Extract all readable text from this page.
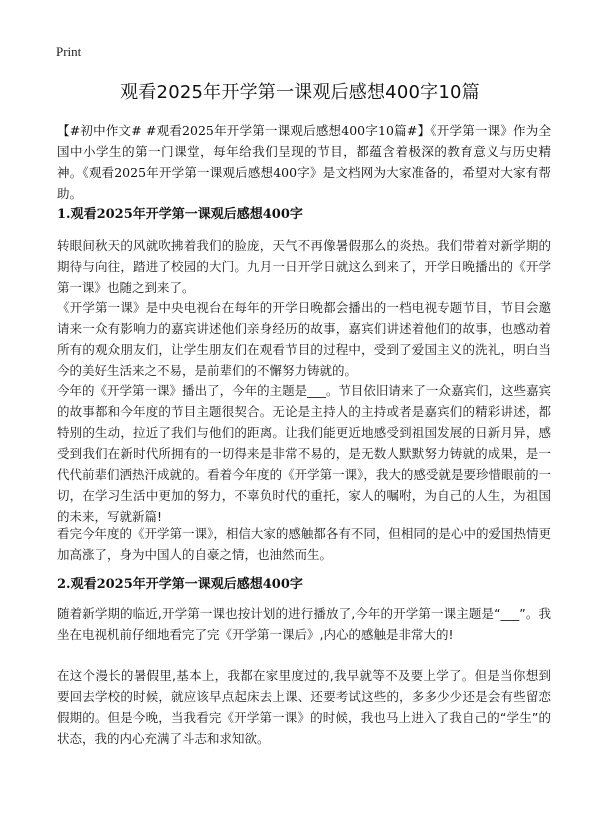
Print
观看2025年开学第一课观后感想400字10篇
【#初中作文# #观看2025年开学第一课观后感想400字10篇#】《开学第一课》作为全国中小学生的第一门课堂，每年给我们呈现的节目，都蕴含着极深的教育意义与历史精神。《观看2025年开学第一课观后感想400字》是文档网为大家准备的，希望对大家有帮助。
1.观看2025年开学第一课观后感想400字
转眼间秋天的风就吹拂着我们的脸庞，天气不再像暑假那么的炎热。我们带着对新学期的期待与向往，踏进了校园的大门。九月一日开学日就这么到来了，开学日晚播出的《开学第一课》也随之到来了。
《开学第一课》是中央电视台在每年的开学日晚都会播出的一档电视专题节目，节目会邀请来一众有影响力的嘉宾讲述他们亲身经历的故事，嘉宾们讲述着他们的故事，也感动着所有的观众朋友们，让学生朋友们在观看节目的过程中，受到了爱国主义的洗礼，明白当今的美好生活来之不易，是前辈们的不懈努力铸就的。
今年的《开学第一课》播出了，今年的主题是___。节目依旧请来了一众嘉宾们，这些嘉宾的故事都和今年度的节目主题很契合。无论是主持人的主持或者是嘉宾们的精彩讲述，都特别的生动，拉近了我们与他们的距离。让我们能更近地感受到祖国发展的日新月异，感受到我们在新时代所拥有的一切得来是非常不易的，是无数人默默努力铸就的成果，是一代代前辈们洒热汗成就的。看着今年度的《开学第一课》，我大的感受就是要珍惜眼前的一切，在学习生活中更加的努力，不辜负时代的重托，家人的嘱咐，为自己的人生，为祖国的未来，写就新篇!
看完今年度的《开学第一课》，相信大家的感触都各有不同，但相同的是心中的爱国热情更加高涨了，身为中国人的自豪之情，也油然而生。
2.观看2025年开学第一课观后感想400字
随着新学期的临近,开学第一课也按计划的进行播放了,今年的开学第一课主题是“___”。我坐在电视机前仔细地看完了完《开学第一课后》,内心的感触是非常大的!
在这个漫长的暑假里,基本上，我都在家里度过的,我早就等不及要上学了。但是当你想到要回去学校的时候，就应该早点起床去上课、还要考试这些的，多多少少还是会有些留恋假期的。但是今晚，当我看完《开学第一课》的时候，我也马上进入了我自己的“学生”的状态，我的内心充满了斗志和求知欲。
